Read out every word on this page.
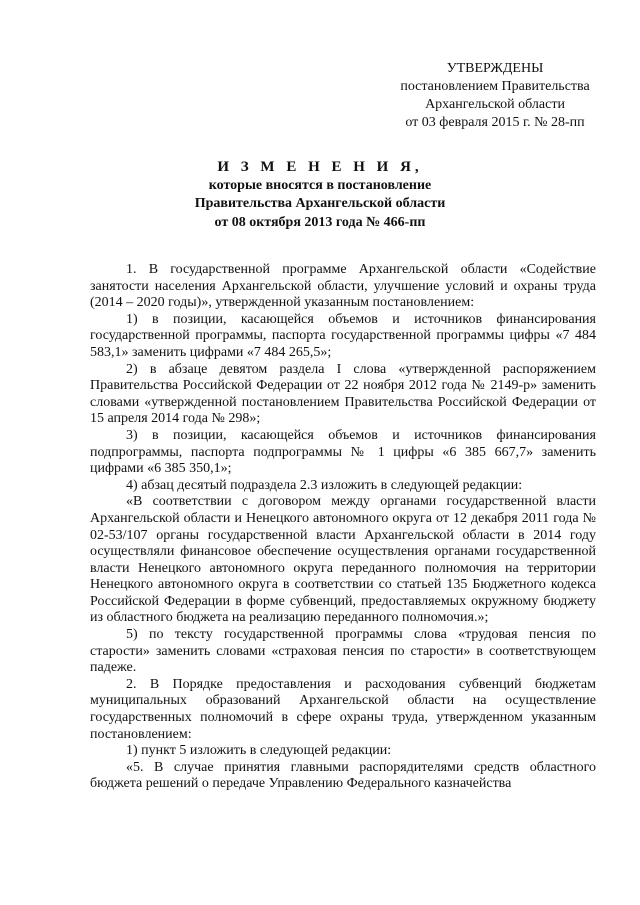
УТВЕРЖДЕНЫ
постановлением Правительства
Архангельской области
от 03 февраля 2015 г. № 28-пп
И З М Е Н Е Н И Я,
которые вносятся в постановление
Правительства Архангельской области
от 08 октября 2013 года № 466-пп

1. В государственной программе Архангельской области «Содействие занятости населения Архангельской области, улучшение условий и охраны труда (2014 – 2020 годы)», утвержденной указанным постановлением:

1) в позиции, касающейся объемов и источников финансирования государственной программы, паспорта государственной программы цифры «7 484 583,1» заменить цифрами «7 484 265,5»;

2) в абзаце девятом раздела I слова «утвержденной распоряжением Правительства Российской Федерации от 22 ноября 2012 года № 2149-р» заменить словами «утвержденной постановлением Правительства Российской Федерации от 15 апреля 2014 года № 298»;

3) в позиции, касающейся объемов и источников финансирования подпрограммы, паспорта подпрограммы № 1 цифры «6 385 667,7» заменить цифрами «6 385 350,1»;

4) абзац десятый подраздела 2.3 изложить в следующей редакции:

«В соответствии с договором между органами государственной власти Архангельской области и Ненецкого автономного округа от 12 декабря 2011 года № 02-53/107 органы государственной власти Архангельской области в 2014 году осуществляли финансовое обеспечение осуществления органами государственной власти Ненецкого автономного округа переданного полномочия на территории Ненецкого автономного округа в соответствии со статьей 135 Бюджетного кодекса Российской Федерации в форме субвенций, предоставляемых окружному бюджету из областного бюджета на реализацию переданного полномочия.»;

5) по тексту государственной программы слова «трудовая пенсия по старости» заменить словами «страховая пенсия по старости» в соответствующем падеже.

2. В Порядке предоставления и расходования субвенций бюджетам муниципальных образований Архангельской области на осуществление государственных полномочий в сфере охраны труда, утвержденном указанным постановлением:

1) пункт 5 изложить в следующей редакции:

«5. В случае принятия главными распорядителями средств областного бюджета решений о передаче Управлению Федерального казначейства
